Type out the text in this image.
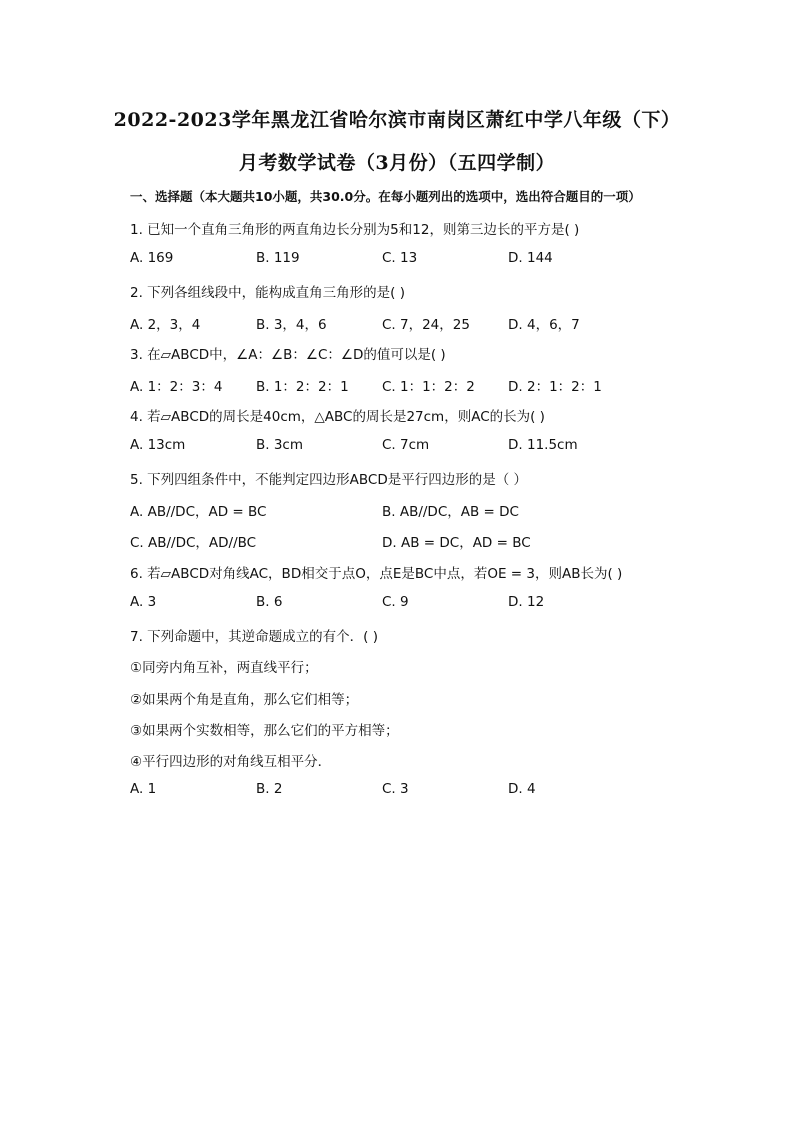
2022-2023学年黑龙江省哈尔滨市南岗区萧红中学八年级（下）
月考数学试卷（3月份）（五四学制）
一、选择题（本大题共10小题，共30.0分。在每小题列出的选项中，选出符合题目的一项）
1. 已知一个直角三角形的两直角边长分别为5和12，则第三边长的平方是( )
A. 169	B. 119	C. 13	D. 144
2. 下列各组线段中，能构成直角三角形的是( )
A. 2，3，4	B. 3，4，6	C. 7，24，25	D. 4，6，7
3. 在▱ABCD中，∠A：∠B：∠C：∠D的值可以是( )
A. 1：2：3：4 B. 1：2：2：1 C. 1：1：2：2 D. 2：1：2：1
4. 若▱ABCD的周长是40cm，△ABC的周长是27cm，则AC的长为( )
A. 13cm	B. 3cm	C. 7cm	D. 11.5cm
5. 下列四组条件中，不能判定四边形ABCD是平行四边形的是（ ）
A. AB//DC，AD = BC	B. AB//DC，AB = DC
C. AB//DC，AD//BC	D. AB = DC，AD = BC
6. 若▱ABCD对角线AC，BD相交于点O，点E是BC中点，若OE = 3，则AB长为( )
A. 3	B. 6	C. 9	D. 12
7. 下列命题中，其逆命题成立的有个．( )
①同旁内角互补，两直线平行；
②如果两个角是直角，那么它们相等；
③如果两个实数相等，那么它们的平方相等；
④平行四边形的对角线互相平分．
A. 1	B. 2	C. 3	D. 4
